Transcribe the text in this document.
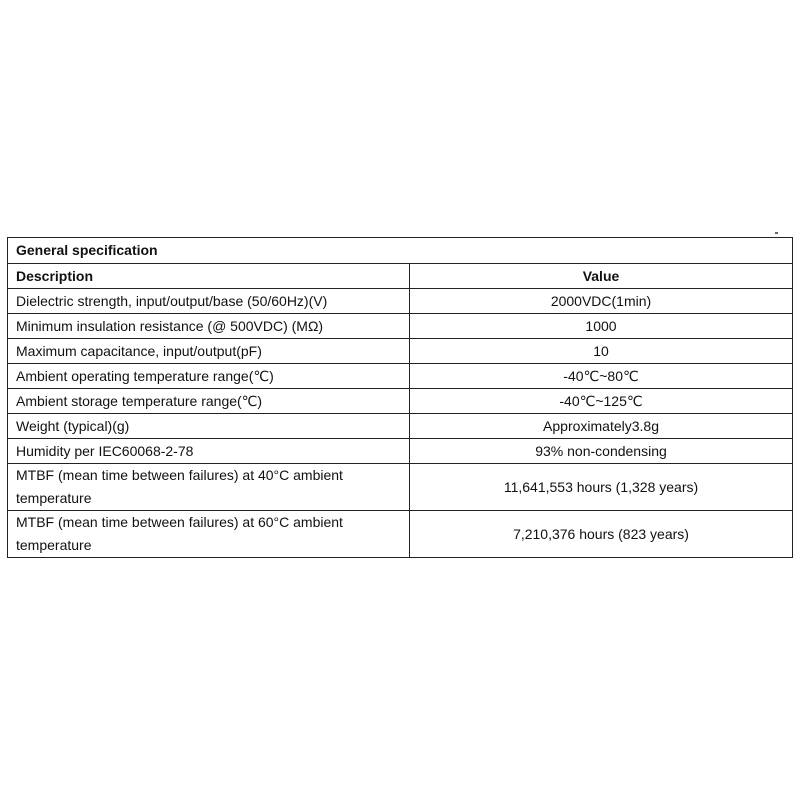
General specification	
Description	Value
Dielectric strength, input/output/base (50/60Hz)(V)	2000VDC(1min)
Minimum insulation resistance (@ 500VDC) (MΩ)	1000
Maximum capacitance, input/output(pF)	10
Ambient operating temperature range(℃)	-40℃~80℃
Ambient storage temperature range(℃)	-40℃~125℃
Weight (typical)(g)	Approximately3.8g
Humidity per IEC60068-2-78	93% non-condensing
MTBF (mean time between failures) at 40°C ambient temperature	11,641,553 hours (1,328 years)
MTBF (mean time between failures) at 60°C ambient temperature	7,210,376 hours (823 years)
